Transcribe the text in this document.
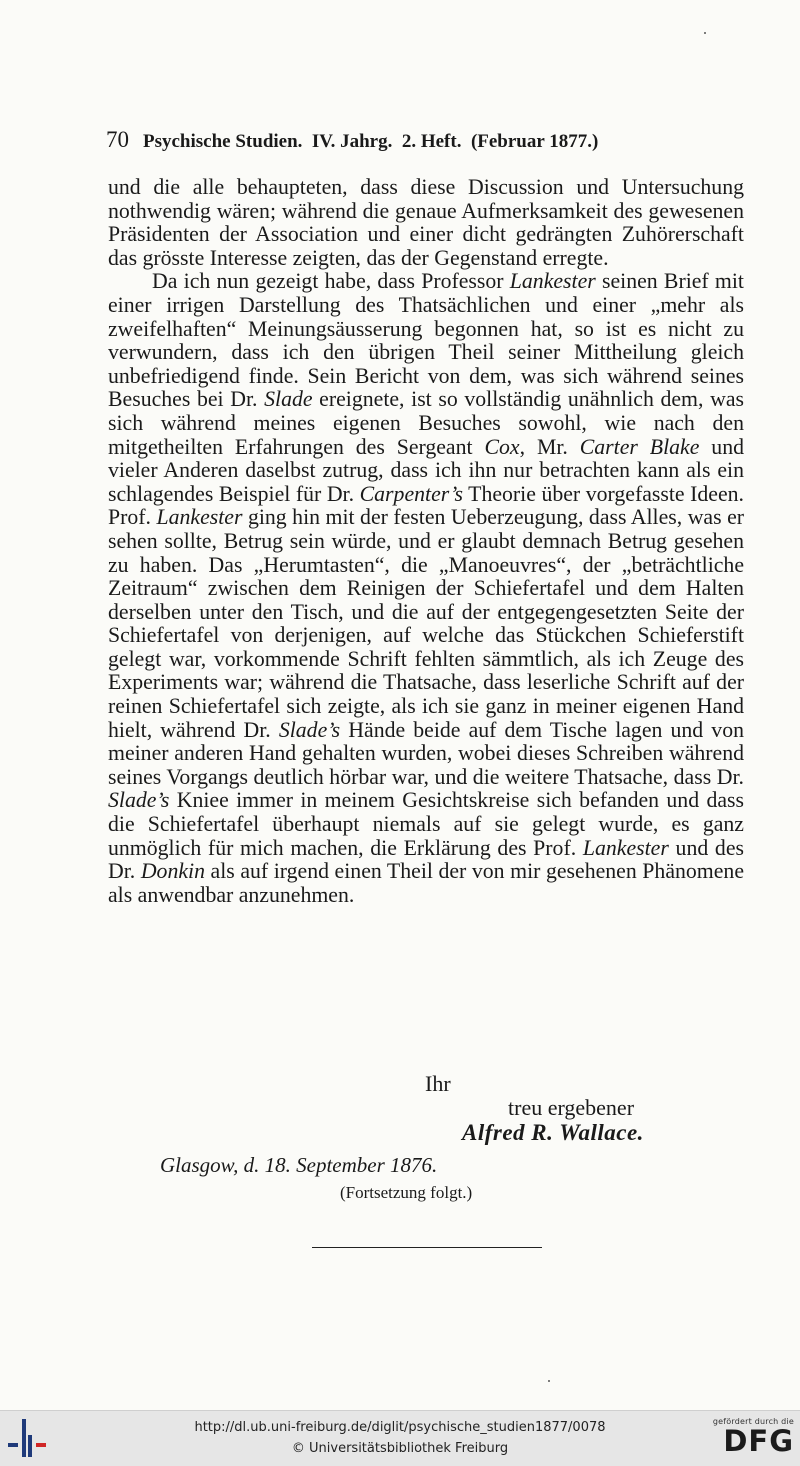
70 Psychische Studien.  IV. Jahrg.  2. Heft.  (Februar 1877.)

und die alle behaupteten, dass diese Discussion und Untersuchung nothwendig wären; während die genaue Aufmerksamkeit des gewesenen Präsidenten der Association und einer dicht gedrängten Zuhörerschaft das grösste Interesse zeigten, das der Gegenstand erregte.

Da ich nun gezeigt habe, dass Professor Lankester seinen Brief mit einer irrigen Darstellung des Thatsächlichen und einer „mehr als zweifelhaften“ Meinungsäusserung begonnen hat, so ist es nicht zu verwundern, dass ich den übrigen Theil seiner Mittheilung gleich unbefriedigend finde. Sein Bericht von dem, was sich während seines Besuches bei Dr. Slade ereignete, ist so vollständig unähnlich dem, was sich während meines eigenen Besuches sowohl, wie nach den mitgetheilten Erfahrungen des Sergeant Cox, Mr. Carter Blake und vieler Anderen daselbst zutrug, dass ich ihn nur betrachten kann als ein schlagendes Beispiel für Dr. Carpenter’s Theorie über vorgefasste Ideen. Prof. Lankester ging hin mit der festen Ueberzeugung, dass Alles, was er sehen sollte, Betrug sein würde, und er glaubt demnach Betrug gesehen zu haben. Das „Herumtasten“, die „Manoeuvres“, der „beträchtliche Zeitraum“ zwischen dem Reinigen der Schiefertafel und dem Halten derselben unter den Tisch, und die auf der entgegengesetzten Seite der Schiefertafel von derjenigen, auf welche das Stückchen Schieferstift gelegt war, vorkommende Schrift fehlten sämmtlich, als ich Zeuge des Experiments war; während die Thatsache, dass leserliche Schrift auf der reinen Schiefertafel sich zeigte, als ich sie ganz in meiner eigenen Hand hielt, während Dr. Slade’s Hände beide auf dem Tische lagen und von meiner anderen Hand gehalten wurden, wobei dieses Schreiben während seines Vorgangs deutlich hörbar war, und die weitere Thatsache, dass Dr. Slade’s Kniee immer in meinem Gesichtskreise sich befanden und dass die Schiefertafel überhaupt niemals auf sie gelegt wurde, es ganz unmöglich für mich machen, die Erklärung des Prof. Lankester und des Dr. Donkin als auf irgend einen Theil der von mir gesehenen Phänomene als anwendbar anzunehmen.

Ihr
treu ergebener
Alfred R. Wallace.
Glasgow, d. 18. September 1876.
(Fortsetzung folgt.)
http://dl.ub.uni-freiburg.de/diglit/psychische_studien1877/0078
© Universitätsbibliothek Freiburg
gefördert durch die
DFG
